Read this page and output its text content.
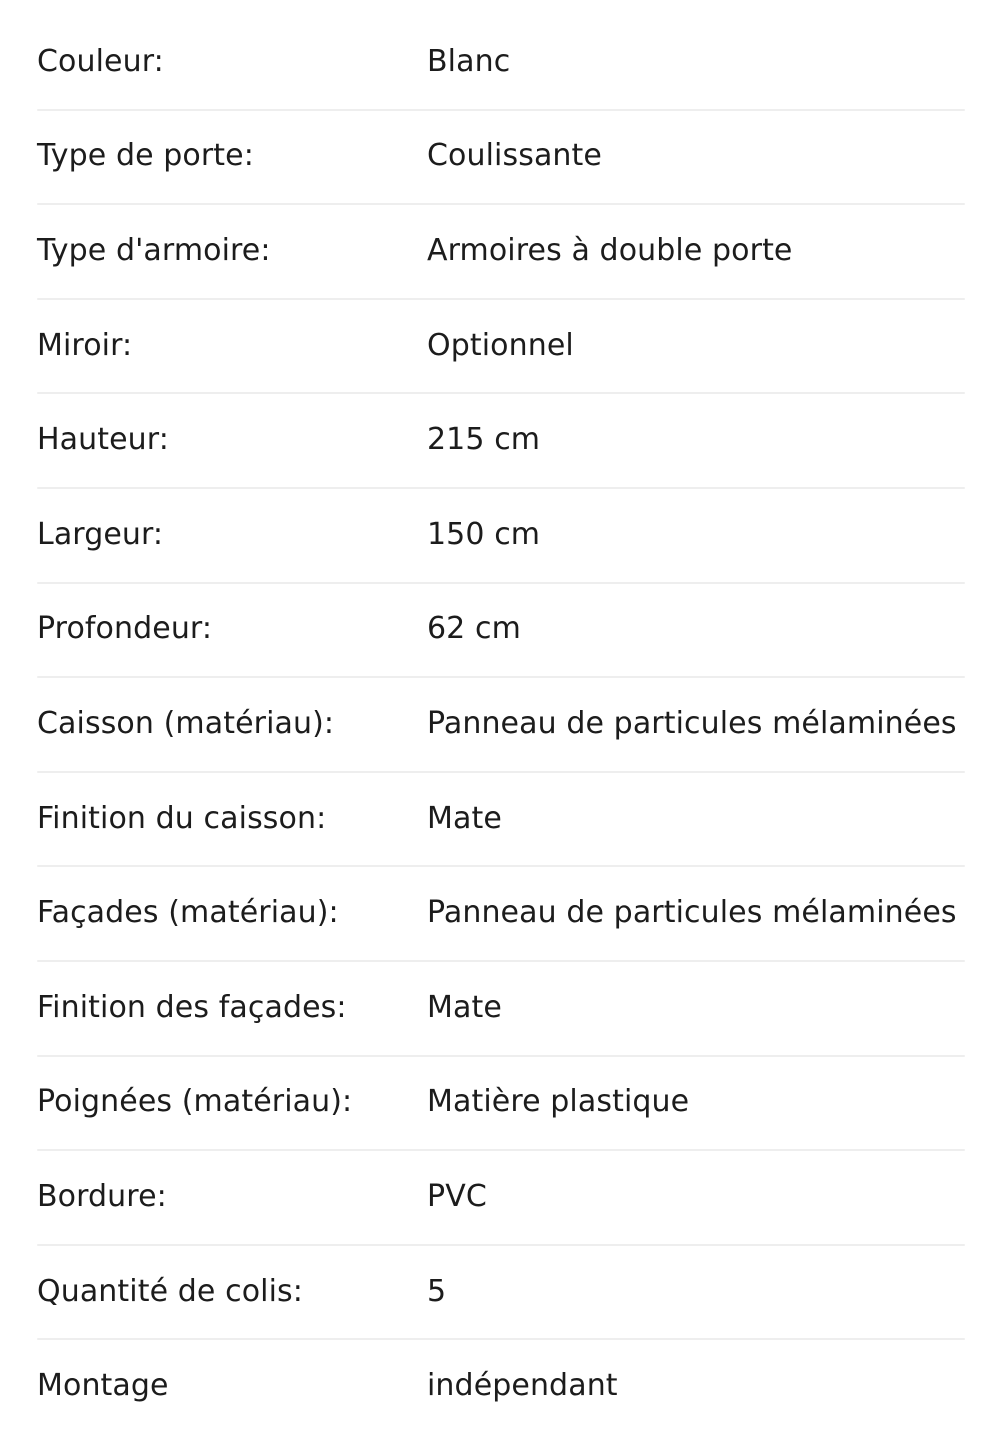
Couleur:	Blanc
Type de porte:	Coulissante
Type d'armoire:	Armoires à double porte
Miroir:	Optionnel
Hauteur:	215 cm
Largeur:	150 cm
Profondeur:	62 cm
Caisson (matériau):	Panneau de particules mélaminées
Finition du caisson:	Mate
Façades (matériau):	Panneau de particules mélaminées
Finition des façades:	Mate
Poignées (matériau):	Matière plastique
Bordure:	PVC
Quantité de colis:	5
Montage	indépendant
